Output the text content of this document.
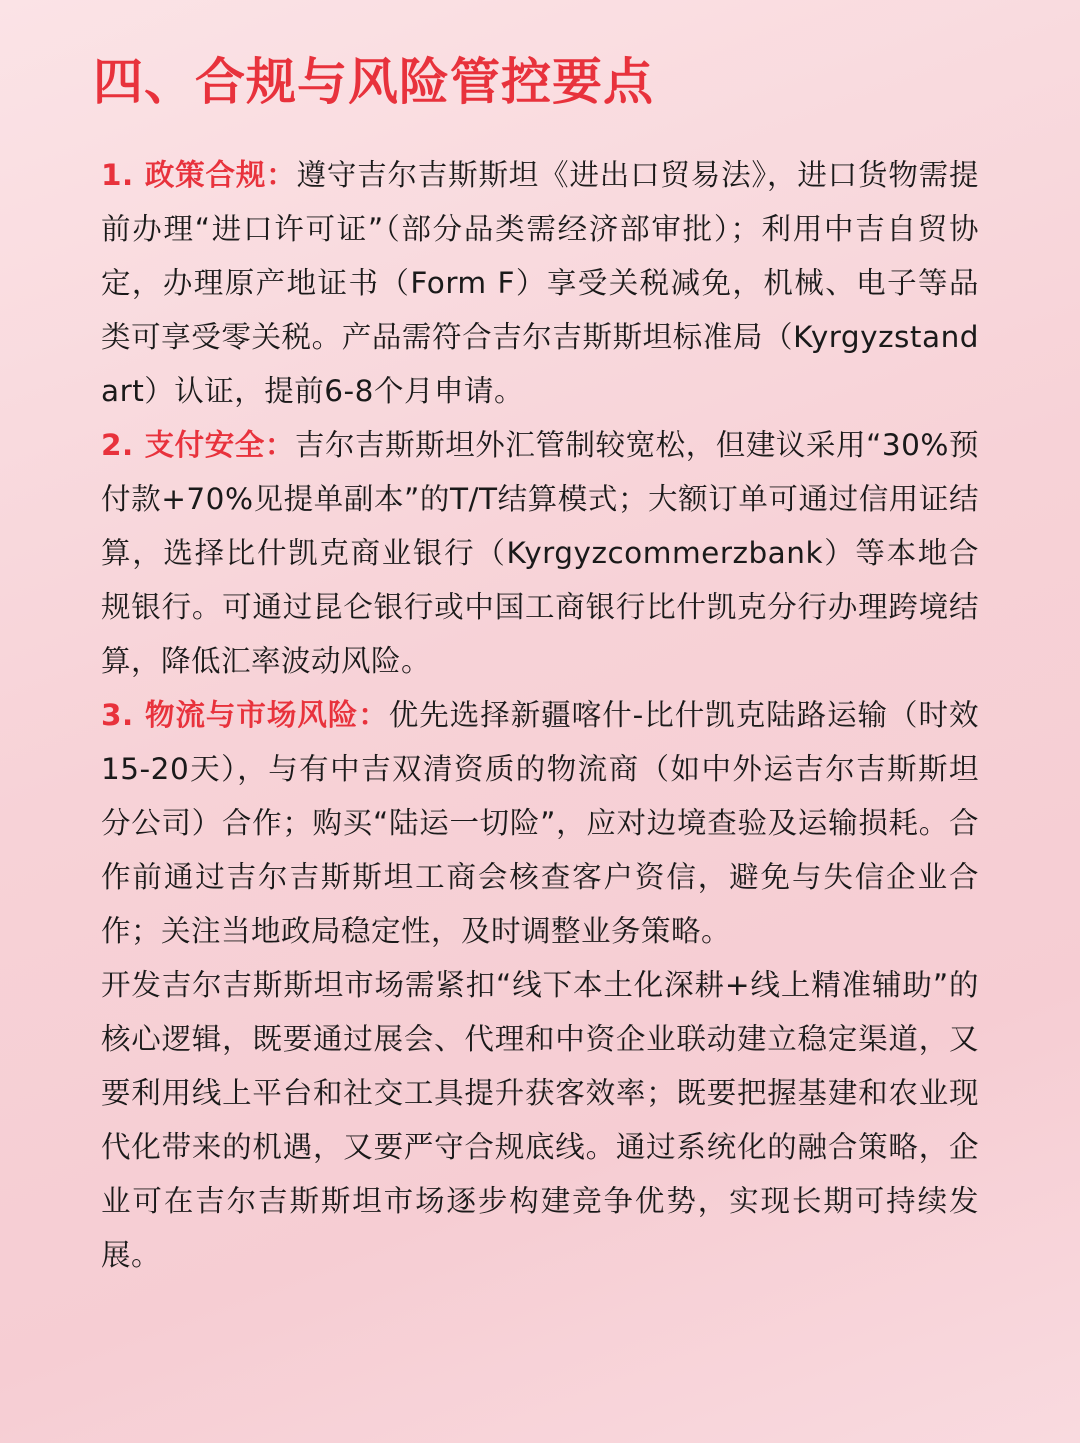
四、合规与风险管控要点

1. 政策合规：遵守吉尔吉斯斯坦《进出口贸易法》，进口货物需提前办理“进口许可证”（部分品类需经济部审批）；利用中吉自贸协定，办理原产地证书（Form F）享受关税减免，机械、电子等品类可享受零关税。产品需符合吉尔吉斯斯坦标准局（Kyrgyzstandart）认证，提前6-8个月申请。

2. 支付安全：吉尔吉斯斯坦外汇管制较宽松，但建议采用“30%预付款+70%见提单副本”的T/T结算模式；大额订单可通过信用证结算，选择比什凯克商业银行（Kyrgyzcommerzbank）等本地合规银行。可通过昆仑银行或中国工商银行比什凯克分行办理跨境结算，降低汇率波动风险。

3. 物流与市场风险：优先选择新疆喀什-比什凯克陆路运输（时效15-20天），与有中吉双清资质的物流商（如中外运吉尔吉斯斯坦分公司）合作；购买“陆运一切险”，应对边境查验及运输损耗。合作前通过吉尔吉斯斯坦工商会核查客户资信，避免与失信企业合作；关注当地政局稳定性，及时调整业务策略。

开发吉尔吉斯斯坦市场需紧扣“线下本土化深耕+线上精准辅助”的核心逻辑，既要通过展会、代理和中资企业联动建立稳定渠道，又要利用线上平台和社交工具提升获客效率；既要把握基建和农业现代化带来的机遇，又要严守合规底线。通过系统化的融合策略，企业可在吉尔吉斯斯坦市场逐步构建竞争优势，实现长期可持续发展。
